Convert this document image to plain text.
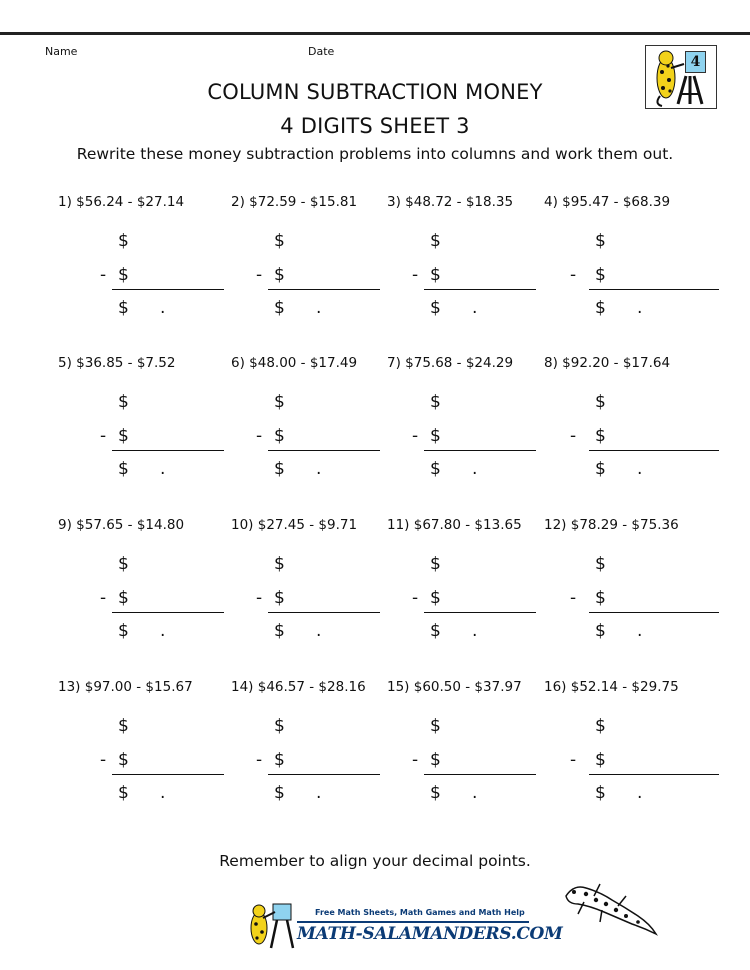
Name	Date
4
COLUMN SUBTRACTION MONEY
4 DIGITS SHEET 3
Rewrite these money subtraction problems into columns and work them out.
1) $56.24 - $27.14
$
- $
$ .
2) $72.59 - $15.81
$
- $
$ .
3) $48.72 - $18.35
$
- $
$ .
4) $95.47 - $68.39
$
- $
$ .
5) $36.85 - $7.52
$
- $
$ .
6) $48.00 - $17.49
$
- $
$ .
7) $75.68 - $24.29
$
- $
$ .
8) $92.20 - $17.64
$
- $
$ .
9) $57.65 - $14.80
$
- $
$ .
10) $27.45 - $9.71
$
- $
$ .
11) $67.80 - $13.65
$
- $
$ .
12) $78.29 - $75.36
$
- $
$ .
13) $97.00 - $15.67
$
- $
$ .
14) $46.57 - $28.16
$
- $
$ .
15) $60.50 - $37.97
$
- $
$ .
16) $52.14 - $29.75
$
- $
$ .
Remember to align your decimal points.
Free Math Sheets, Math Games and Math Help
MATH-SALAMANDERS.COM
